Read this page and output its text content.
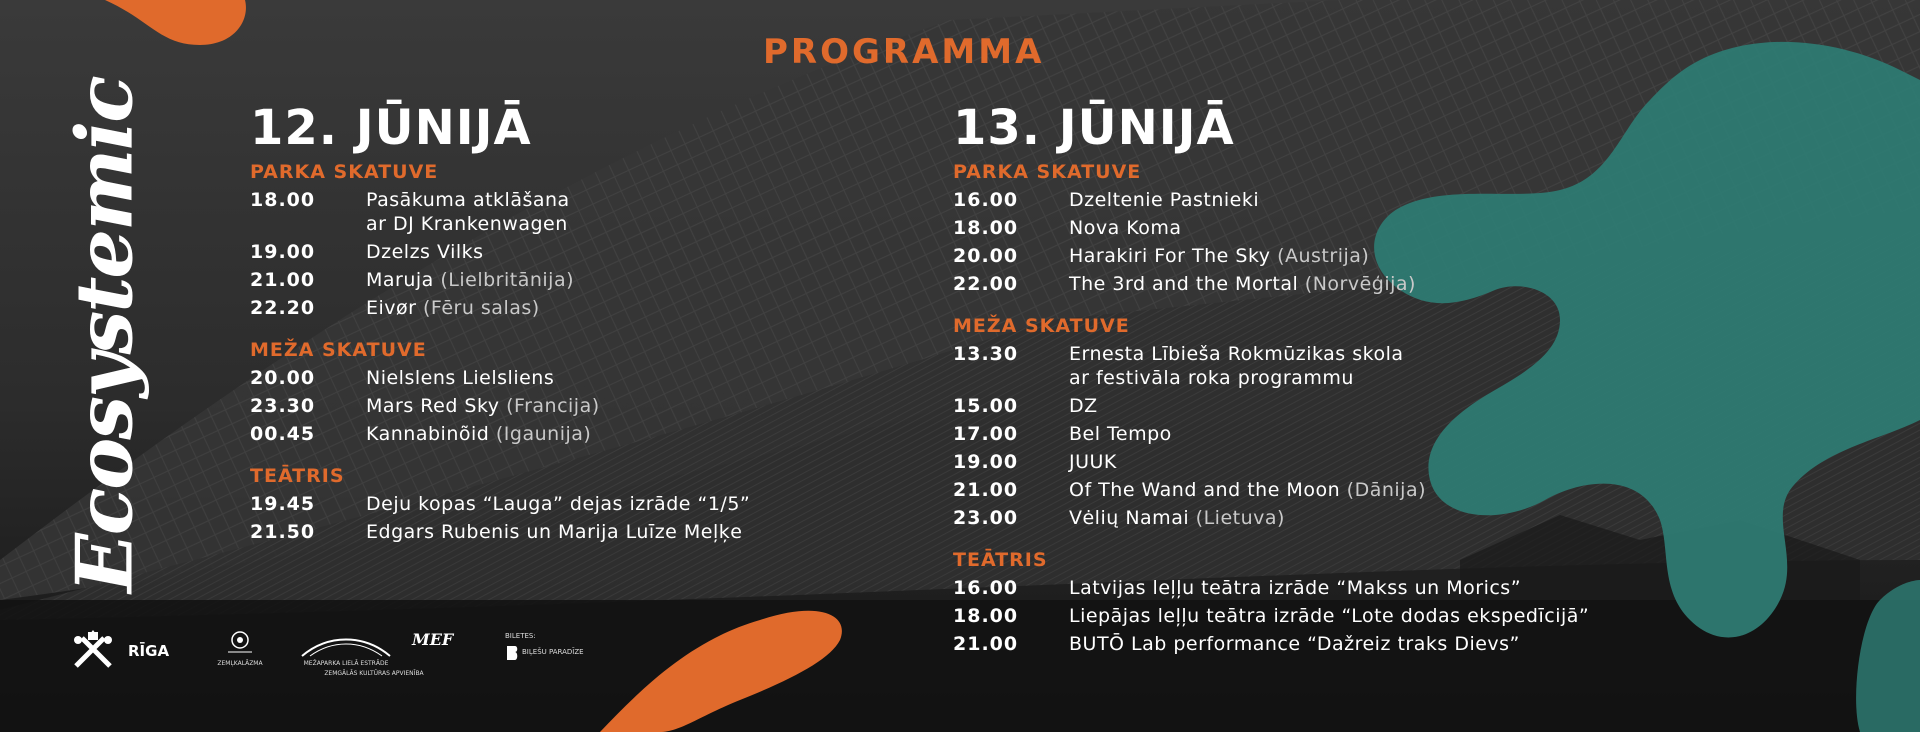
Ecosystemic
PROGRAMMA
12. JŪNIJĀ
PARKA SKATUVE
18.00	Pasākuma atklāšana
ar DJ Krankenwagen
19.00	Dzelzs Vilks
21.00	Maruja (Lielbritānija)
22.20	Eivør (Fēru salas)
MEŽA SKATUVE
20.00	Nielslens Lielsliens
23.30	Mars Red Sky (Francija)
00.45	Kannabinõid (Igaunija)
TEĀTRIS
19.45	Deju kopas “Lauga” dejas izrāde “1/5”
21.50	Edgars Rubenis un Marija Luīze Meļķe
13. JŪNIJĀ
PARKA SKATUVE
16.00	Dzeltenie Pastnieki
18.00	Nova Koma
20.00	Harakiri For The Sky (Austrija)
22.00	The 3rd and the Mortal (Norvēģija)
MEŽA SKATUVE
13.30	Ernesta Lībieša Rokmūzikas skola
ar festivāla roka programmu
15.00	DZ
17.00	Bel Tempo
19.00	JUUK
21.00	Of The Wand and the Moon (Dānija)
23.00	Vėlių Namai (Lietuva)
TEĀTRIS
16.00	Latvijas leļļu teātra izrāde “Makss un Morics”
18.00	Liepājas leļļu teātra izrāde “Lote dodas ekspedīcijā”
21.00	BUTŌ Lab performance “Dažreiz traks Dievs”
RĪGA
ZEMĻKALĀZMA	MEŽAPARKA LIELĀ ESTRĀDE
ZEMGĀLĀS KULTŪRAS APVIENĪBA
MEF	BILETES:
BIĻEŠU PARADĪZE
